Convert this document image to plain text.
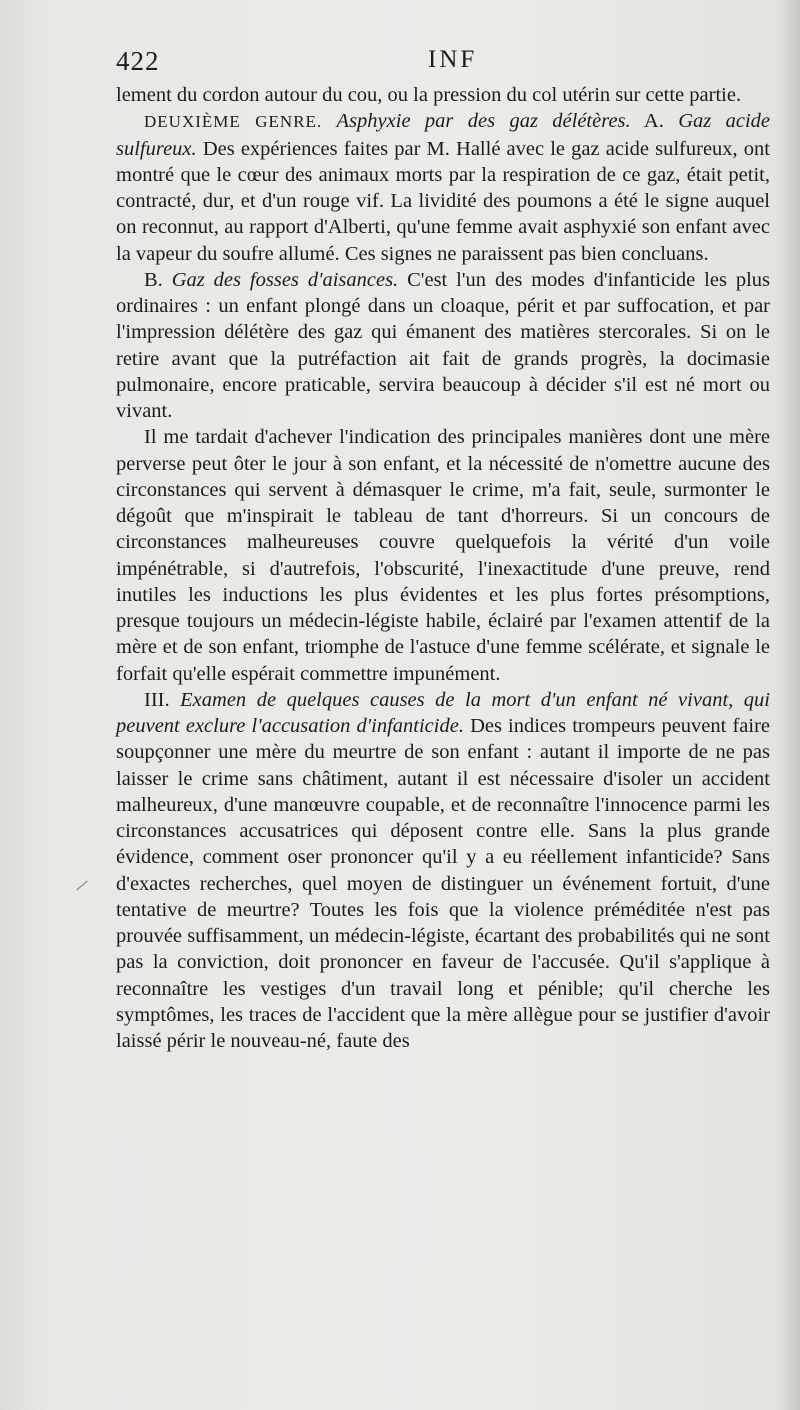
422	INF

lement du cordon autour du cou, ou la pression du col utérin sur cette partie.

DEUXIÈME GENRE. Asphyxie par des gaz délétères. A. Gaz acide sulfureux. Des expériences faites par M. Hallé avec le gaz acide sulfureux, ont montré que le cœur des animaux morts par la respiration de ce gaz, était petit, contracté, dur, et d'un rouge vif. La lividité des poumons a été le signe auquel on reconnut, au rapport d'Alberti, qu'une femme avait asphyxié son enfant avec la vapeur du soufre allumé. Ces signes ne paraissent pas bien concluans.

B. Gaz des fosses d'aisances. C'est l'un des modes d'infanticide les plus ordinaires : un enfant plongé dans un cloaque, périt et par suffocation, et par l'impression délétère des gaz qui émanent des matières stercorales. Si on le retire avant que la putréfaction ait fait de grands progrès, la docimasie pulmonaire, encore praticable, servira beaucoup à décider s'il est né mort ou vivant.

Il me tardait d'achever l'indication des principales manières dont une mère perverse peut ôter le jour à son enfant, et la nécessité de n'omettre aucune des circonstances qui servent à démasquer le crime, m'a fait, seule, surmonter le dégoût que m'inspirait le tableau de tant d'horreurs. Si un concours de circonstances malheureuses couvre quelquefois la vérité d'un voile impénétrable, si d'autrefois, l'obscurité, l'inexactitude d'une preuve, rend inutiles les inductions les plus évidentes et les plus fortes présomptions, presque toujours un médecin-légiste habile, éclairé par l'examen attentif de la mère et de son enfant, triomphe de l'astuce d'une femme scélérate, et signale le forfait qu'elle espérait commettre impunément.

III. Examen de quelques causes de la mort d'un enfant né vivant, qui peuvent exclure l'accusation d'infanticide. Des indices trompeurs peuvent faire soupçonner une mère du meurtre de son enfant : autant il importe de ne pas laisser le crime sans châtiment, autant il est nécessaire d'isoler un accident malheureux, d'une manœuvre coupable, et de reconnaître l'innocence parmi les circonstances accusatrices qui déposent contre elle. Sans la plus grande évidence, comment oser prononcer qu'il y a eu réellement infanticide? Sans d'exactes recherches, quel moyen de distinguer un événement fortuit, d'une tentative de meurtre? Toutes les fois que la violence préméditée n'est pas prouvée suffisamment, un médecin-légiste, écartant des probabilités qui ne sont pas la conviction, doit prononcer en faveur de l'accusée. Qu'il s'applique à reconnaître les vestiges d'un travail long et pénible; qu'il cherche les symptômes, les traces de l'accident que la mère allègue pour se justifier d'avoir laissé périr le nouveau-né, faute des
